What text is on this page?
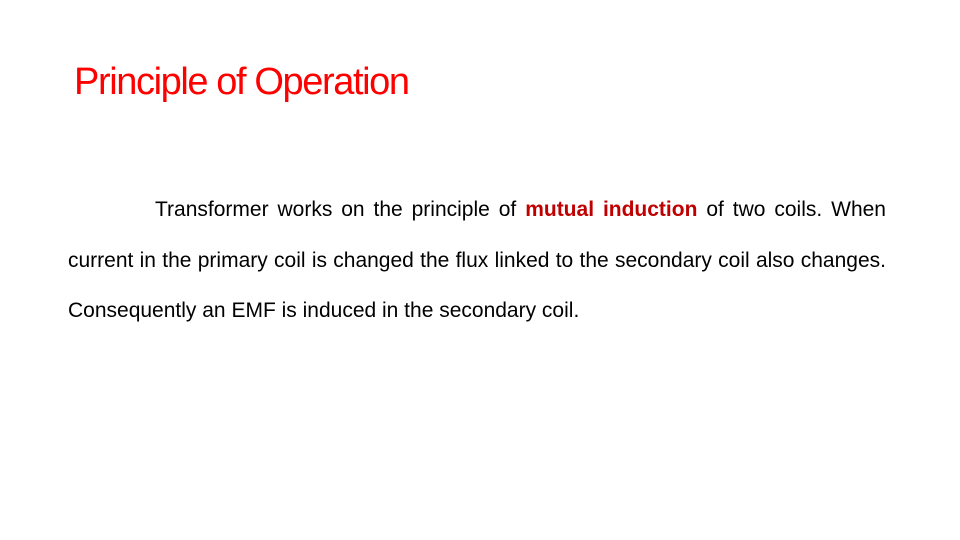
Principle of Operation

Transformer works on the principle of mutual induction of two coils. When current in the primary coil is changed the flux linked to the secondary coil also changes. Consequently an EMF is induced in the secondary coil.
